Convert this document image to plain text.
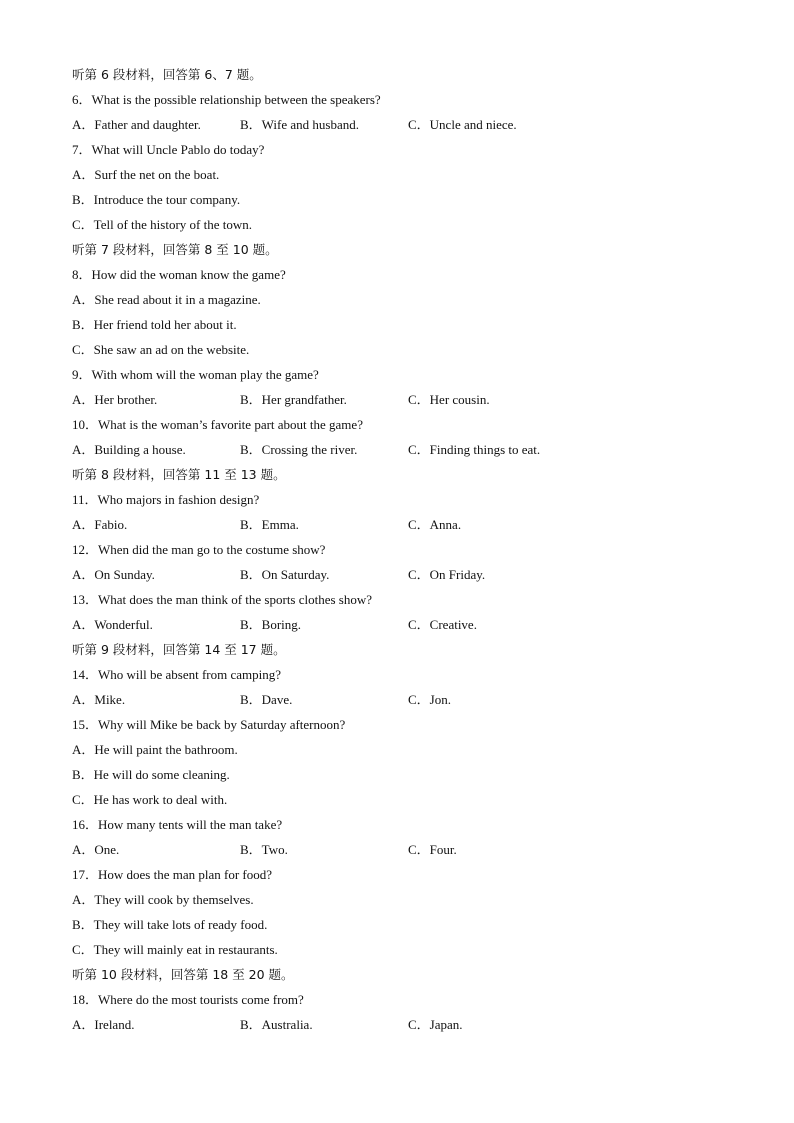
听第 6 段材料，回答第 6、7 题。
6．What is the possible relationship between the speakers?
A．Father and daughter.	B．Wife and husband.	C．Uncle and niece.
7．What will Uncle Pablo do today?
A．Surf the net on the boat.
B．Introduce the tour company.
C．Tell of the history of the town.
听第 7 段材料，回答第 8 至 10 题。
8．How did the woman know the game?
A．She read about it in a magazine.
B．Her friend told her about it.
C．She saw an ad on the website.
9．With whom will the woman play the game?
A．Her brother.	B．Her grandfather.	C．Her cousin.
10．What is the woman’s favorite part about the game?
A．Building a house.	B．Crossing the river.	C．Finding things to eat.
听第 8 段材料，回答第 11 至 13 题。
11．Who majors in fashion design?
A．Fabio.	B．Emma.	C．Anna.
12．When did the man go to the costume show?
A．On Sunday.	B．On Saturday.	C．On Friday.
13．What does the man think of the sports clothes show?
A．Wonderful.	B．Boring.	C．Creative.
听第 9 段材料，回答第 14 至 17 题。
14．Who will be absent from camping?
A．Mike.	B．Dave.	C．Jon.
15．Why will Mike be back by Saturday afternoon?
A．He will paint the bathroom.
B．He will do some cleaning.
C．He has work to deal with.
16．How many tents will the man take?
A．One.	B．Two.	C．Four.
17．How does the man plan for food?
A．They will cook by themselves.
B．They will take lots of ready food.
C．They will mainly eat in restaurants.
听第 10 段材料，回答第 18 至 20 题。
18．Where do the most tourists come from?
A．Ireland.	B．Australia.	C．Japan.
